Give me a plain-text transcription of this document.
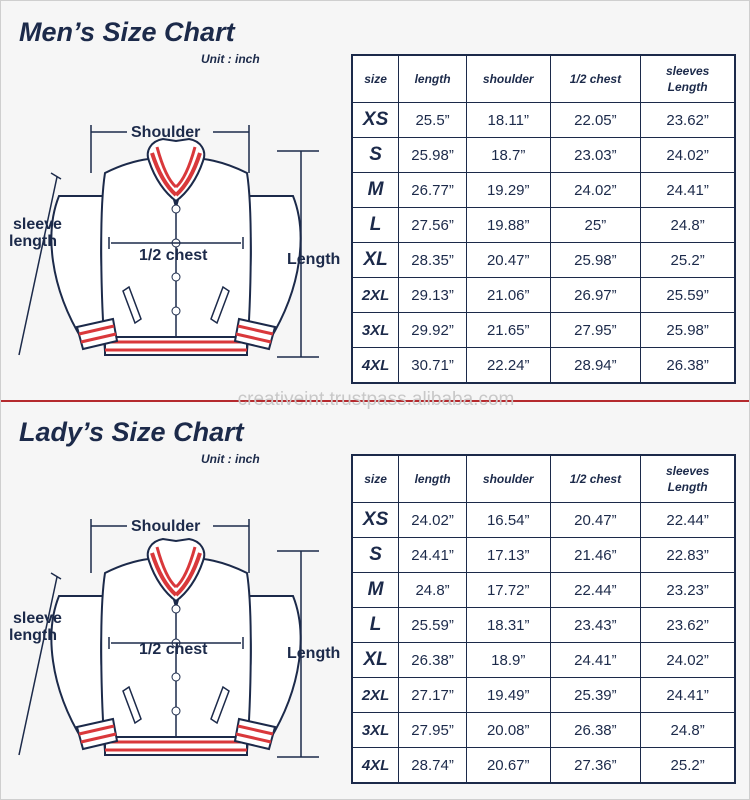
Men’s Size Chart
Unit : inch
Shoulder
1/2 chest	Length
sleeve
length
size	length	shoulder	1/2 chest	sleeves
Length
XS	25.5”	18.11”	22.05”	23.62”
S	25.98”	18.7”	23.03”	24.02”
M	26.77”	19.29”	24.02”	24.41”
L	27.56”	19.88”	25”	24.8”
XL	28.35”	20.47”	25.98”	25.2”
2XL	29.13”	21.06”	26.97”	25.59”
3XL	29.92”	21.65”	27.95”	25.98”
4XL	30.71”	22.24”	28.94”	26.38”
creativeint.trustpass.alibaba.com
Lady’s Size Chart
Unit : inch
Shoulder
1/2 chest	Length
sleeve
length
size	length	shoulder	1/2 chest	sleeves
Length
XS	24.02”	16.54”	20.47”	22.44”
S	24.41”	17.13”	21.46”	22.83”
M	24.8”	17.72”	22.44”	23.23”
L	25.59”	18.31”	23.43”	23.62”
XL	26.38”	18.9”	24.41”	24.02”
2XL	27.17”	19.49”	25.39”	24.41”
3XL	27.95”	20.08”	26.38”	24.8”
4XL	28.74”	20.67”	27.36”	25.2”
